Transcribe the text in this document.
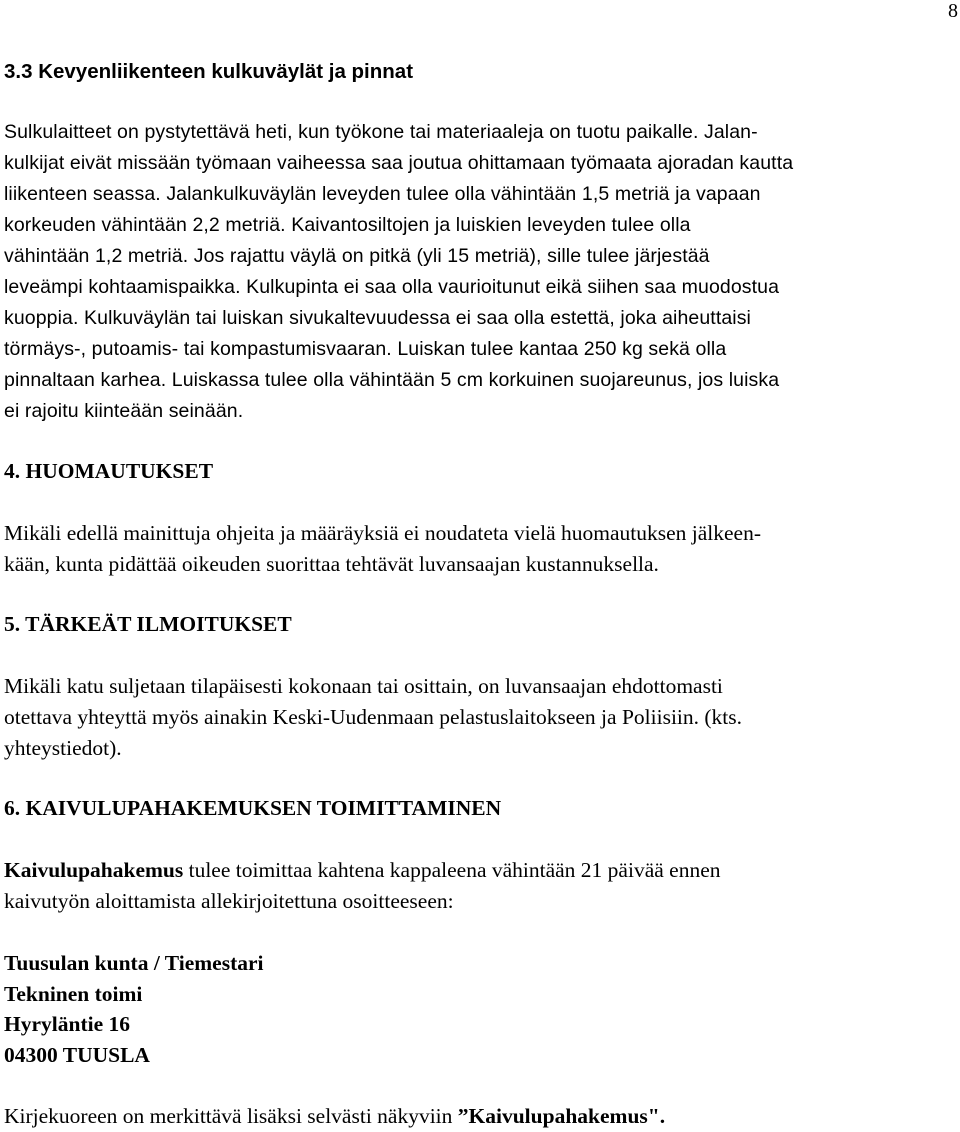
8
3.3 Kevyenliikenteen kulkuväylät ja pinnat

Sulkulaitteet on pystytettävä heti, kun työkone tai materiaaleja on tuotu paikalle. Jalan-
kulkijat eivät missään työmaan vaiheessa saa joutua ohittamaan työmaata ajoradan kautta
liikenteen seassa. Jalankulkuväylän leveyden tulee olla vähintään 1,5 metriä ja vapaan
korkeuden vähintään 2,2 metriä. Kaivantosiltojen ja luiskien leveyden tulee olla
vähintään 1,2 metriä. Jos rajattu väylä on pitkä (yli 15 metriä), sille tulee järjestää
leveämpi kohtaamispaikka. Kulkupinta ei saa olla vaurioitunut eikä siihen saa muodostua
kuoppia. Kulkuväylän tai luiskan sivukaltevuudessa ei saa olla estettä, joka aiheuttaisi
törmäys-, putoamis- tai kompastumisvaaran. Luiskan tulee kantaa 250 kg sekä olla
pinnaltaan karhea. Luiskassa tulee olla vähintään 5 cm korkuinen suojareunus, jos luiska
ei rajoitu kiinteään seinään.

4. HUOMAUTUKSET

Mikäli edellä mainittuja ohjeita ja määräyksiä ei noudateta vielä huomautuksen jälkeen-
kään, kunta pidättää oikeuden suorittaa tehtävät luvansaajan kustannuksella.

5. TÄRKEÄT ILMOITUKSET

Mikäli katu suljetaan tilapäisesti kokonaan tai osittain, on luvansaajan ehdottomasti
otettava yhteyttä myös ainakin Keski-Uudenmaan pelastuslaitokseen ja Poliisiin. (kts.
yhteystiedot).

6. KAIVULUPAHAKEMUKSEN TOIMITTAMINEN

Kaivulupahakemus tulee toimittaa kahtena kappaleena vähintään 21 päivää ennen
kaivutyön aloittamista allekirjoitettuna osoitteeseen:

Tuusulan kunta / Tiemestari
Tekninen toimi
Hyryläntie 16
04300 TUUSLA

Kirjekuoreen on merkittävä lisäksi selvästi näkyviin ”Kaivulupahakemus".
